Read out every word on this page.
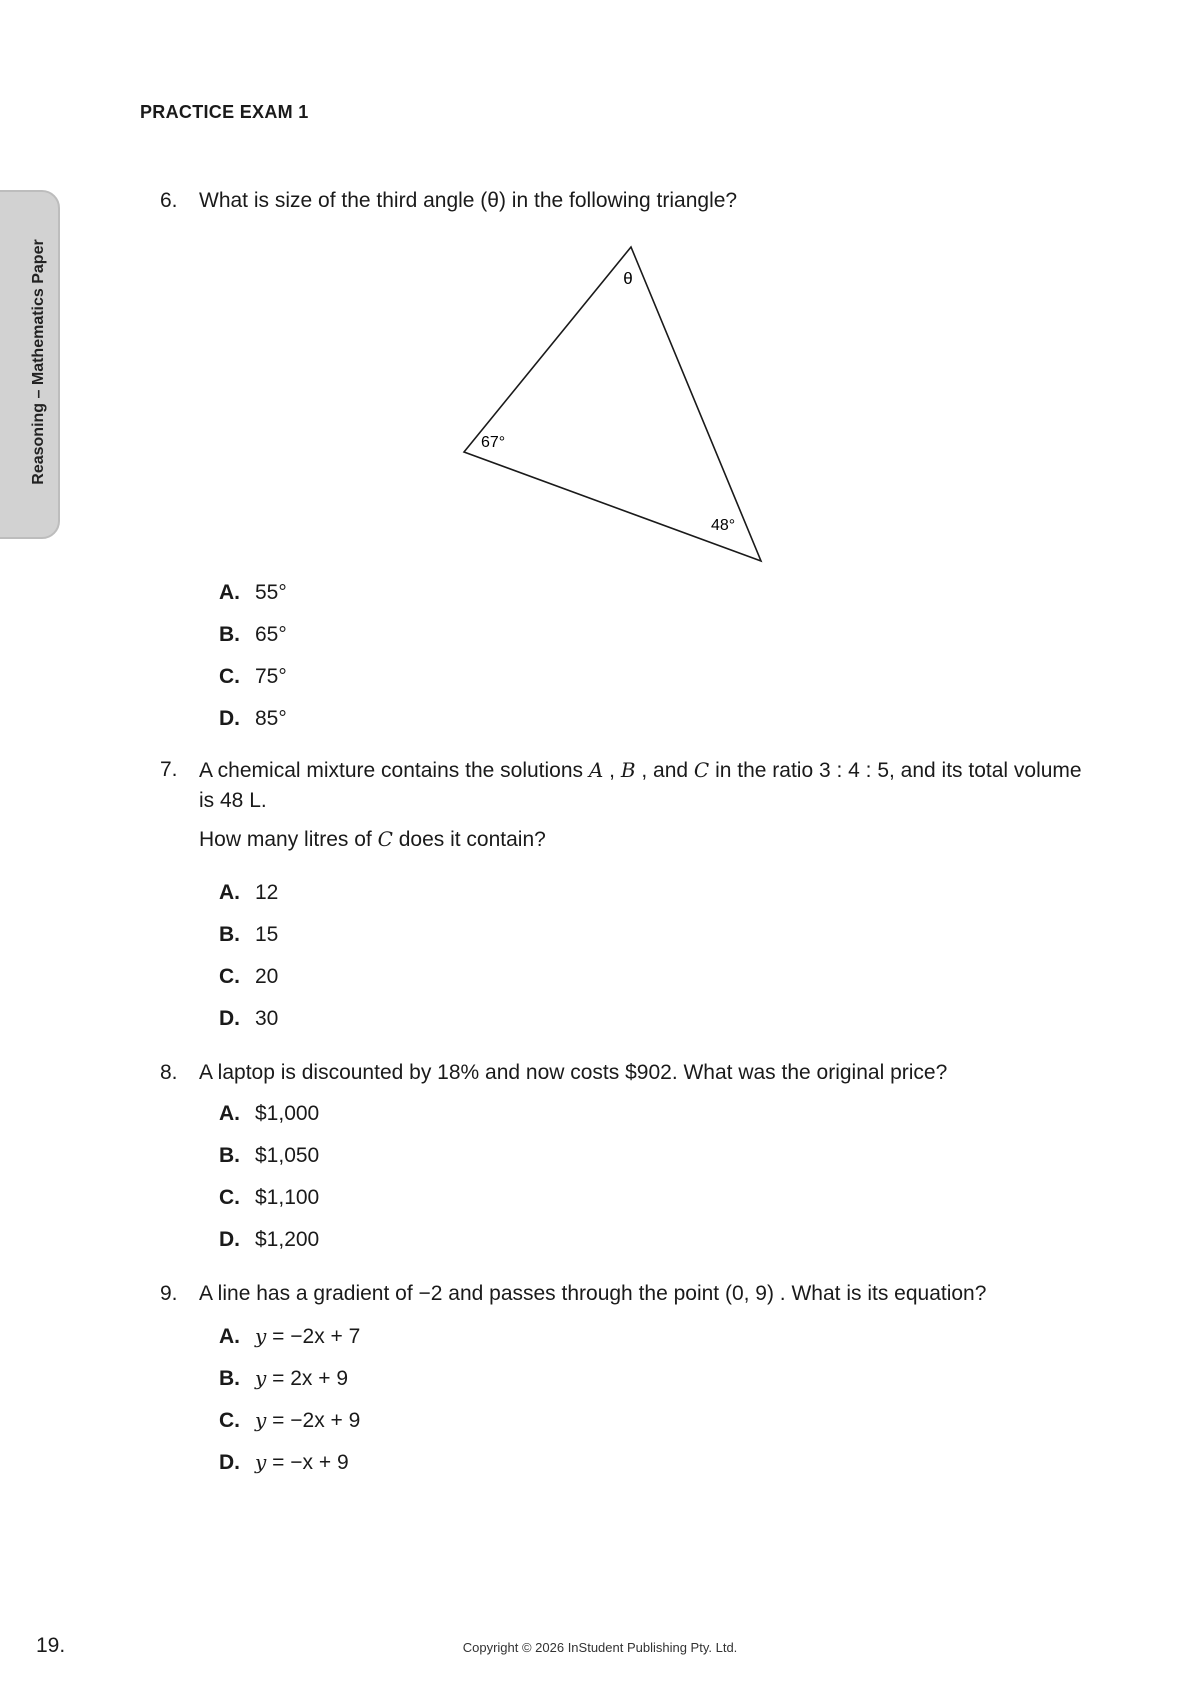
PRACTICE EXAM 1
Reasoning – Mathematics Paper
6. What is size of the third angle (θ) in the following triangle?
θ
67°
48°
A. 55°
B. 65°
C. 75°
D. 85°
7. A chemical mixture contains the solutions A , B , and C in the ratio 3 : 4 : 5, and its total volume is 48 L.
How many litres of C does it contain?
A. 12
B. 15
C. 20
D. 30
8. A laptop is discounted by 18% and now costs $902. What was the original price?
A. $1,000
B. $1,050
C. $1,100
D. $1,200
9. A line has a gradient of −2 and passes through the point (0, 9) . What is its equation?
A. y = −2x + 7
B. y = 2x + 9
C. y = −2x + 9
D. y = −x + 9
19.	Copyright © 2026 InStudent Publishing Pty. Ltd.
